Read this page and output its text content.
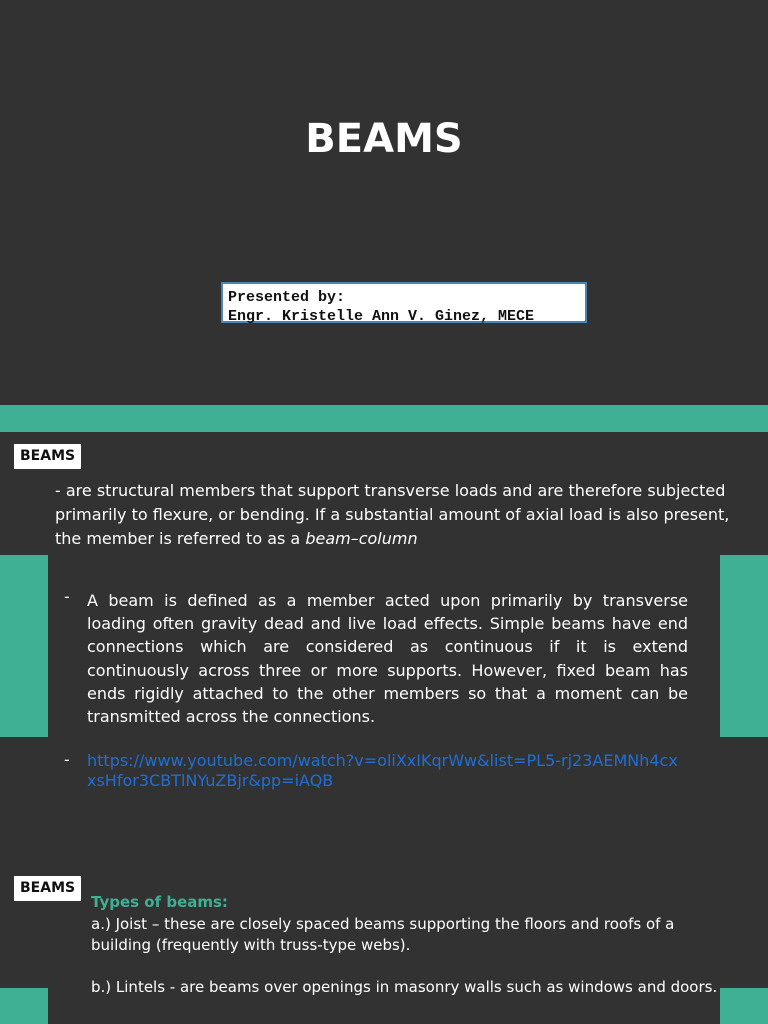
BEAMS
Presented by:
Engr. Kristelle Ann V. Ginez, MECE
BEAMS
- are structural members that support transverse loads and are therefore subjected primarily to flexure, or bending. If a substantial amount of axial load is also present, the member is referred to as a beam–column
- A beam is defined as a member acted upon primarily by transverse loading often gravity dead and live load effects. Simple beams have end connections which are considered as continuous if it is extend continuously across three or more supports. However, fixed beam has ends rigidly attached to the other members so that a moment can be transmitted across the connections.
- https://www.youtube.com/watch?v=oliXxIKqrWw&list=PL5-rj23AEMNh4cxxsHfor3CBTlNYuZBjr&pp=iAQB
BEAMS
Types of beams:
a.) Joist – these are closely spaced beams supporting the floors and roofs of a building (frequently with truss-type webs).
b.) Lintels - are beams over openings in masonry walls such as windows and doors.
